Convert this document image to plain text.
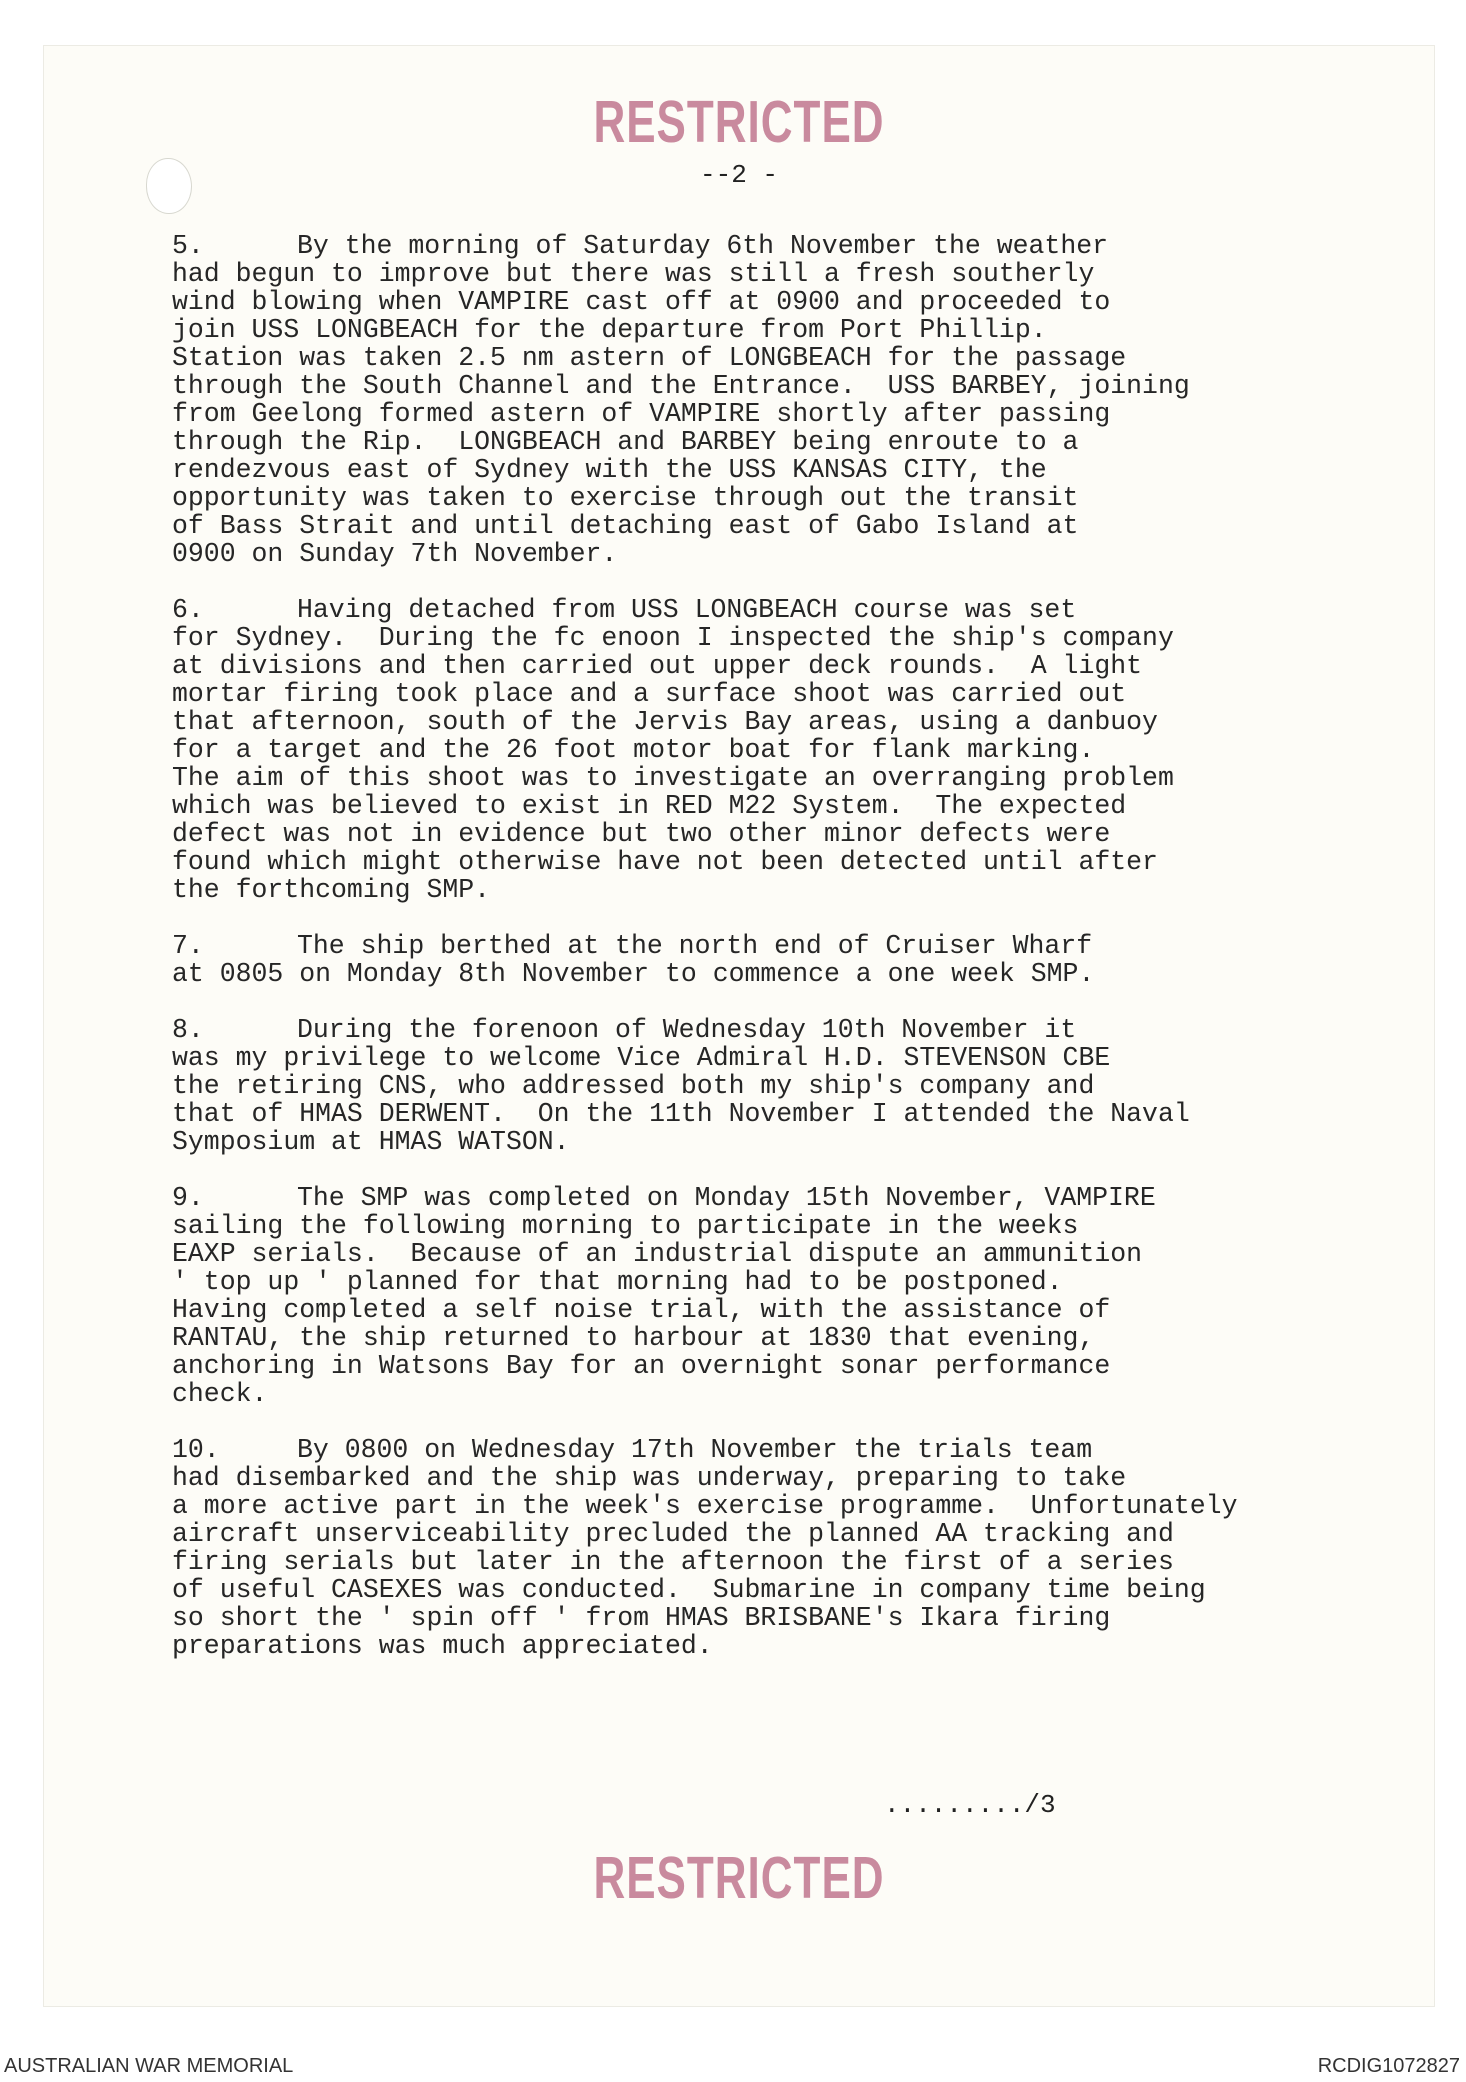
RESTRICTED
--2 -
5.	By the morning of Saturday 6th November the weather
had begun to improve but there was still a fresh southerly
wind blowing when VAMPIRE cast off at 0900 and proceeded to
join USS LONGBEACH for the departure from Port Phillip.
Station was taken 2.5 nm astern of LONGBEACH for the passage
through the South Channel and the Entrance.  USS BARBEY, joining
from Geelong formed astern of VAMPIRE shortly after passing
through the Rip.  LONGBEACH and BARBEY being enroute to a
rendezvous east of Sydney with the USS KANSAS CITY, the
opportunity was taken to exercise through out the transit
of Bass Strait and until detaching east of Gabo Island at
0900 on Sunday 7th November.
6.	Having detached from USS LONGBEACH course was set
for Sydney.  During the fc enoon I inspected the ship's company
at divisions and then carried out upper deck rounds.  A light
mortar firing took place and a surface shoot was carried out
that afternoon, south of the Jervis Bay areas, using a danbuoy
for a target and the 26 foot motor boat for flank marking.
The aim of this shoot was to investigate an overranging problem
which was believed to exist in RED M22 System.  The expected
defect was not in evidence but two other minor defects were
found which might otherwise have not been detected until after
the forthcoming SMP.
7.	The ship berthed at the north end of Cruiser Wharf
at 0805 on Monday 8th November to commence a one week SMP.
8.	During the forenoon of Wednesday 10th November it
was my privilege to welcome Vice Admiral H.D. STEVENSON CBE
the retiring CNS, who addressed both my ship's company and
that of HMAS DERWENT.  On the 11th November I attended the Naval
Symposium at HMAS WATSON.
9.	The SMP was completed on Monday 15th November, VAMPIRE
sailing the following morning to participate in the weeks
EAXP serials.  Because of an industrial dispute an ammunition
' top up ' planned for that morning had to be postponed.
Having completed a self noise trial, with the assistance of
RANTAU, the ship returned to harbour at 1830 that evening,
anchoring in Watsons Bay for an overnight sonar performance
check.
10.	By 0800 on Wednesday 17th November the trials team
had disembarked and the ship was underway, preparing to take
a more active part in the week's exercise programme.  Unfortunately
aircraft unserviceability precluded the planned AA tracking and
firing serials but later in the afternoon the first of a series
of useful CASEXES was conducted.  Submarine in company time being
so short the ' spin off ' from HMAS BRISBANE's Ikara firing
preparations was much appreciated.
........./3
RESTRICTED
AUSTRALIAN WAR MEMORIAL	RCDIG1072827
